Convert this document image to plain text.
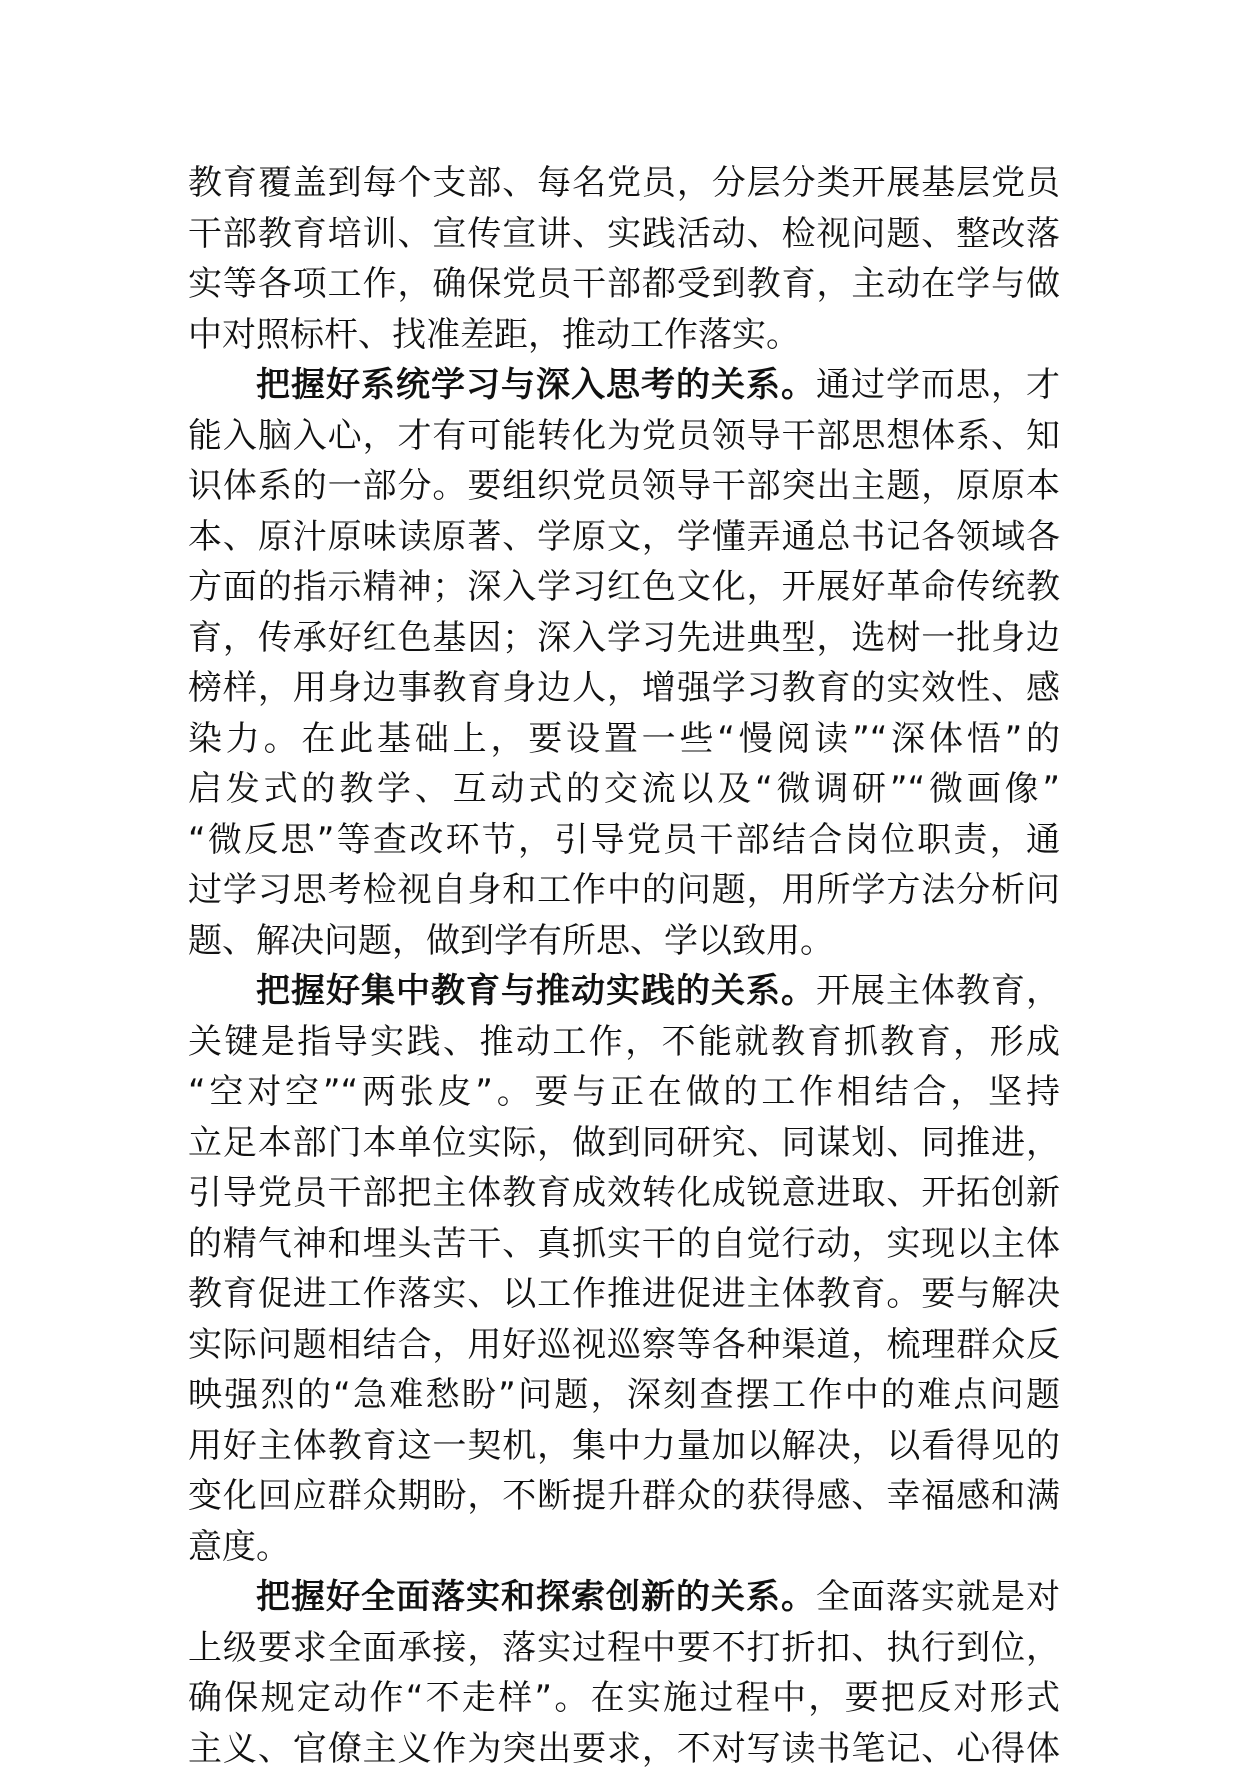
教育覆盖到每个支部、每名党员，分层分类开展基层党员
干部教育培训、宣传宣讲、实践活动、检视问题、整改落
实等各项工作，确保党员干部都受到教育，主动在学与做
中对照标杆、找准差距，推动工作落实。
把握好系统学习与深入思考的关系。通过学而思，才
能入脑入心，才有可能转化为党员领导干部思想体系、知
识体系的一部分。要组织党员领导干部突出主题，原原本
本、原汁原味读原著、学原文，学懂弄通总书记各领域各
方面的指示精神；深入学习红色文化，开展好革命传统教
育，传承好红色基因；深入学习先进典型，选树一批身边
榜样，用身边事教育身边人，增强学习教育的实效性、感
染力。在此基础上，要设置一些“慢阅读”“深体悟”的
启发式的教学、互动式的交流以及“微调研”“微画像”
“微反思”等查改环节，引导党员干部结合岗位职责，通
过学习思考检视自身和工作中的问题，用所学方法分析问
题、解决问题，做到学有所思、学以致用。
把握好集中教育与推动实践的关系。开展主体教育，
关键是指导实践、推动工作，不能就教育抓教育，形成
“空对空”“两张皮”。要与正在做的工作相结合，坚持
立足本部门本单位实际，做到同研究、同谋划、同推进，
引导党员干部把主体教育成效转化成锐意进取、开拓创新
的精气神和埋头苦干、真抓实干的自觉行动，实现以主体
教育促进工作落实、以工作推进促进主体教育。要与解决
实际问题相结合，用好巡视巡察等各种渠道，梳理群众反
映强烈的“急难愁盼”问题，深刻查摆工作中的难点问题
用好主体教育这一契机，集中力量加以解决，以看得见的
变化回应群众期盼，不断提升群众的获得感、幸福感和满
意度。
把握好全面落实和探索创新的关系。全面落实就是对
上级要求全面承接，落实过程中要不打折扣、执行到位，
确保规定动作“不走样”。在实施过程中，要把反对形式
主义、官僚主义作为突出要求，不对写读书笔记、心得体
